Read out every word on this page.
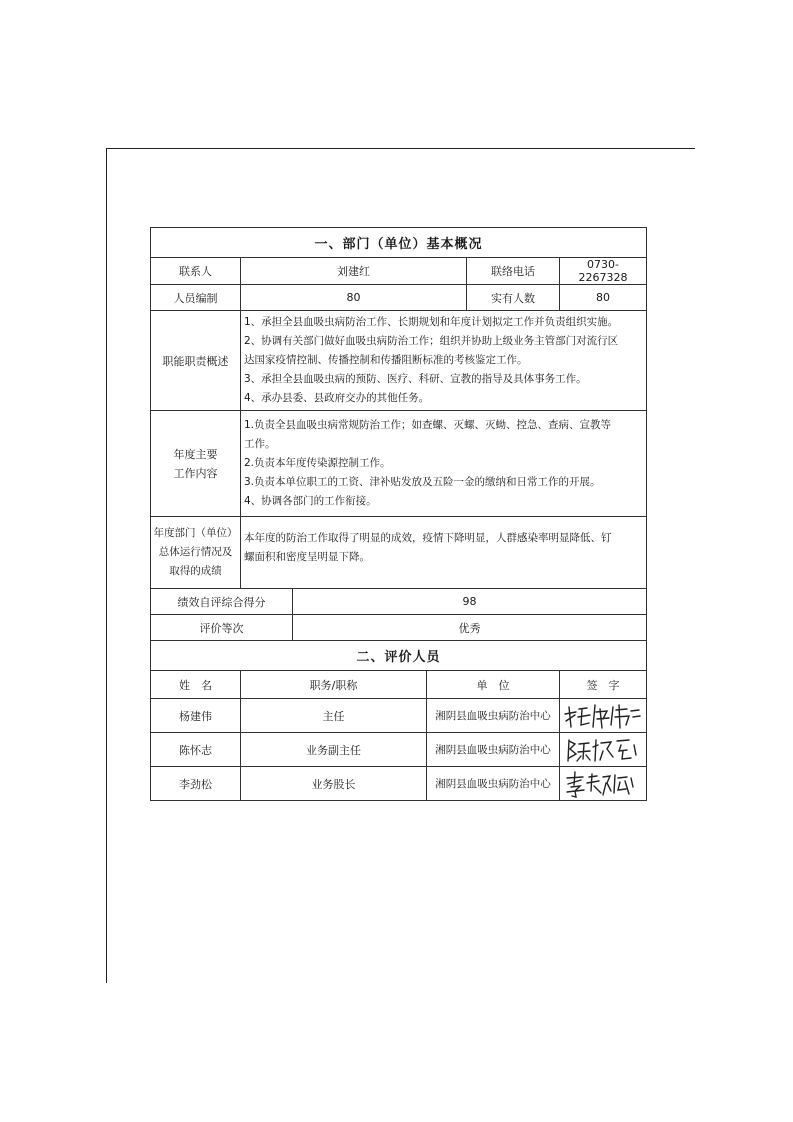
一、部门（单位）基本概况					
联系人	刘建红			联络电话	0730-2267328
人员编制	80			实有人数	80
职能职责概述	1、承担全县血吸虫病防治工作、长期规划和年度计划拟定工作并负责组织实施。
2、协调有关部门做好血吸虫病防治工作；组织并协助上级业务主管部门对流行区
达国家疫情控制、传播控制和传播阻断标准的考核鉴定工作。
3、承担全县血吸虫病的预防、医疗、科研、宣教的指导及具体事务工作。
4、承办县委、县政府交办的其他任务。				

年度主要
工作内容	1.负责全县血吸虫病常规防治工作；如查螺、灭螺、灭蚴、控急、查病、宣教等
工作。
2.负责本年度传染源控制工作。
3.负责本单位职工的工资、津补贴发放及五险一金的缴纳和日常工作的开展。
4、协调各部门的工作衔接。				

年度部门（单位）
总体运行情况及
取得的成绩	本年度的防治工作取得了明显的成效，疫情下降明显，人群感染率明显降低、钉
螺面积和密度呈明显下降。				

绩效自评综合得分		98			
评价等次		优秀			
二、评价人员					
姓　名	职务/职称		单　位		签　字
杨建伟	主任		湘阴县血吸虫病防治中心	

陈怀志	业务副主任		湘阴县血吸虫病防治中心	

李劲松	业务股长		湘阴县血吸虫病防治中心	
